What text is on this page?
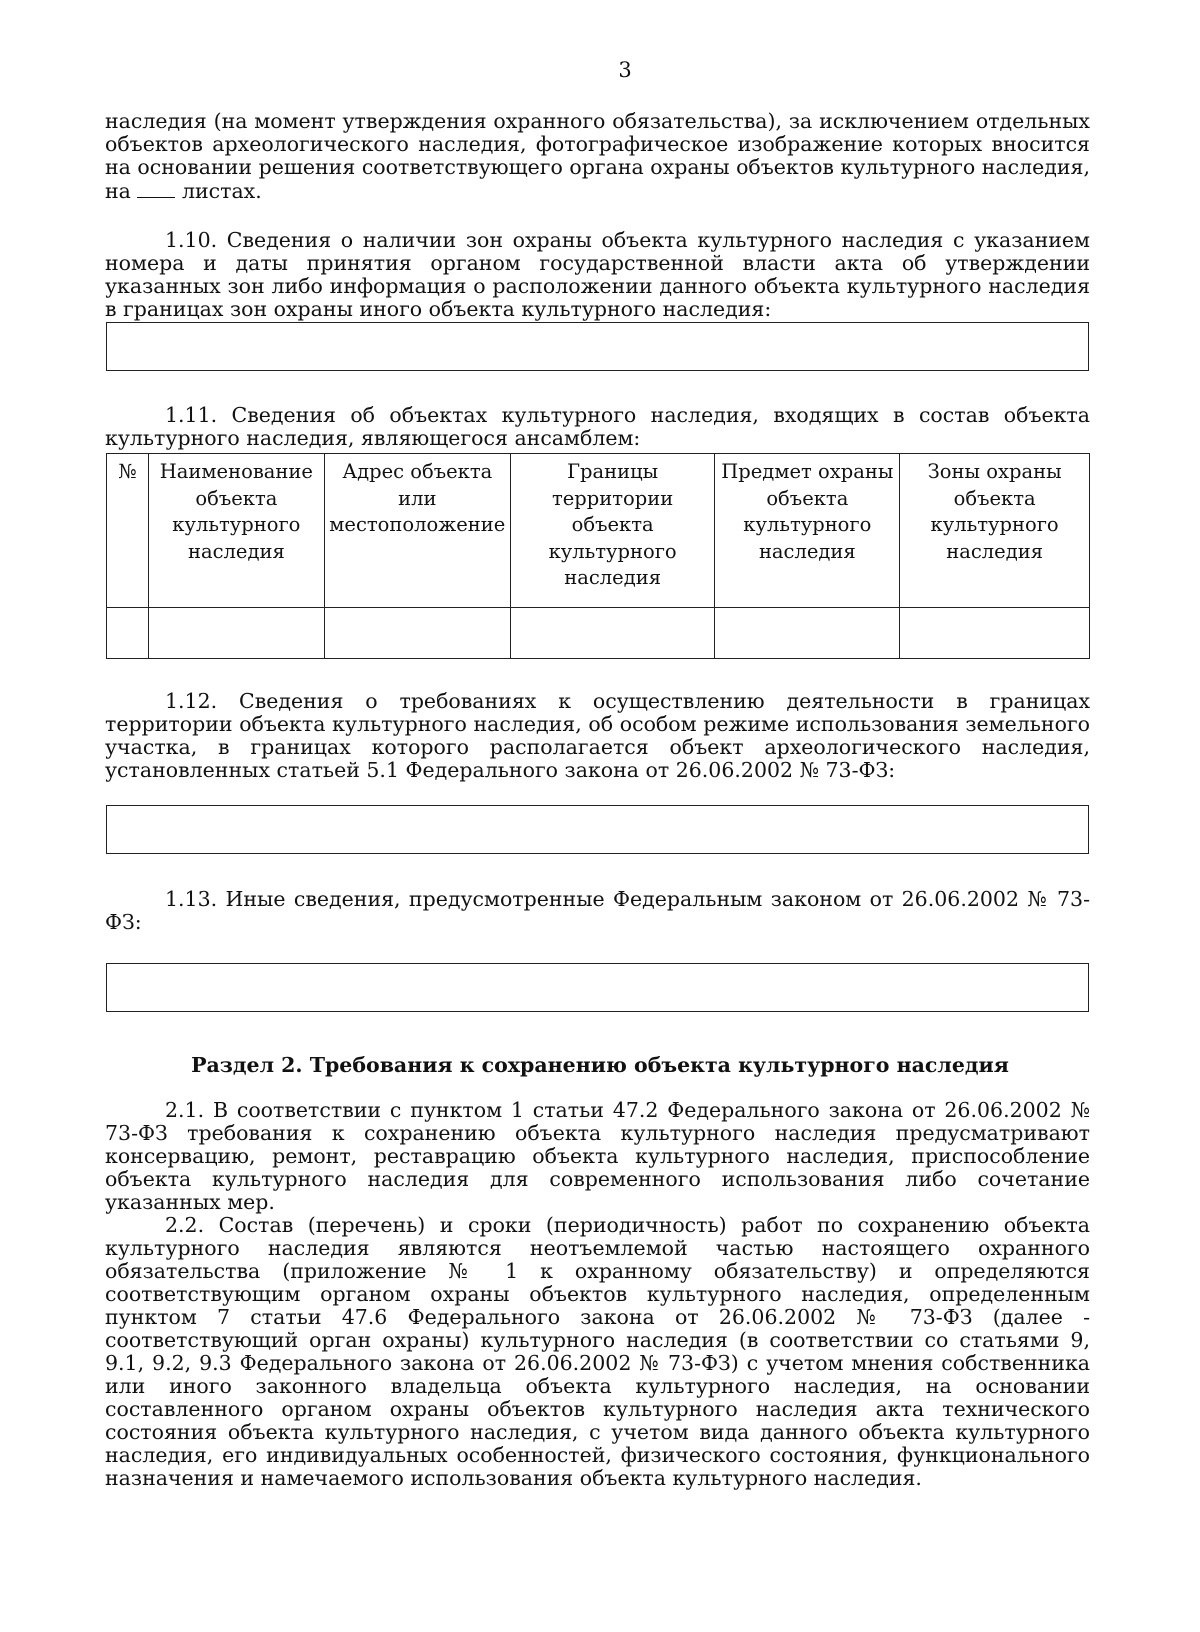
3
наследия (на момент утверждения охранного обязательства), за исключением отдельных объектов археологического наследия, фотографическое изображение которых вносится на основании решения соответствующего органа охраны объектов культурного наследия, на листах.
1.10. Сведения о наличии зон охраны объекта культурного наследия с указанием номера и даты принятия органом государственной власти акта об утверждении указанных зон либо информация о расположении данного объекта культурного наследия в границах зон охраны иного объекта культурного наследия:
1.11. Сведения об объектах культурного наследия, входящих в состав объекта культурного наследия, являющегося ансамблем:
№	Наименование объекта культурного наследия	Адрес объекта или местоположение	Границы территории объекта культурного наследия	Предмет охраны объекта культурного наследия	Зоны охраны объекта культурного наследия

1.12. Сведения о требованиях к осуществлению деятельности в границах территории объекта культурного наследия, об особом режиме использования земельного участка, в границах которого располагается объект археологического наследия, установленных статьей 5.1 Федерального закона от 26.06.2002 № 73-ФЗ:
1.13. Иные сведения, предусмотренные Федеральным законом от 26.06.2002 № 73-ФЗ:
Раздел 2. Требования к сохранению объекта культурного наследия
2.1. В соответствии с пунктом 1 статьи 47.2 Федерального закона от 26.06.2002 № 73-ФЗ требования к сохранению объекта культурного наследия предусматривают консервацию, ремонт, реставрацию объекта культурного наследия, приспособление объекта культурного наследия для современного использования либо сочетание указанных мер.
2.2. Состав (перечень) и сроки (периодичность) работ по сохранению объекта культурного наследия являются неотъемлемой частью настоящего охранного обязательства (приложение № 1 к охранному обязательству) и определяются соответствующим органом охраны объектов культурного наследия, определенным пунктом 7 статьи 47.6 Федерального закона от 26.06.2002 № 73-ФЗ (далее - соответствующий орган охраны) культурного наследия (в соответствии со статьями 9, 9.1, 9.2, 9.3 Федерального закона от 26.06.2002 № 73-ФЗ) с учетом мнения собственника или иного законного владельца объекта культурного наследия, на основании составленного органом охраны объектов культурного наследия акта технического состояния объекта культурного наследия, с учетом вида данного объекта культурного наследия, его индивидуальных особенностей, физического состояния, функционального назначения и намечаемого использования объекта культурного наследия.
